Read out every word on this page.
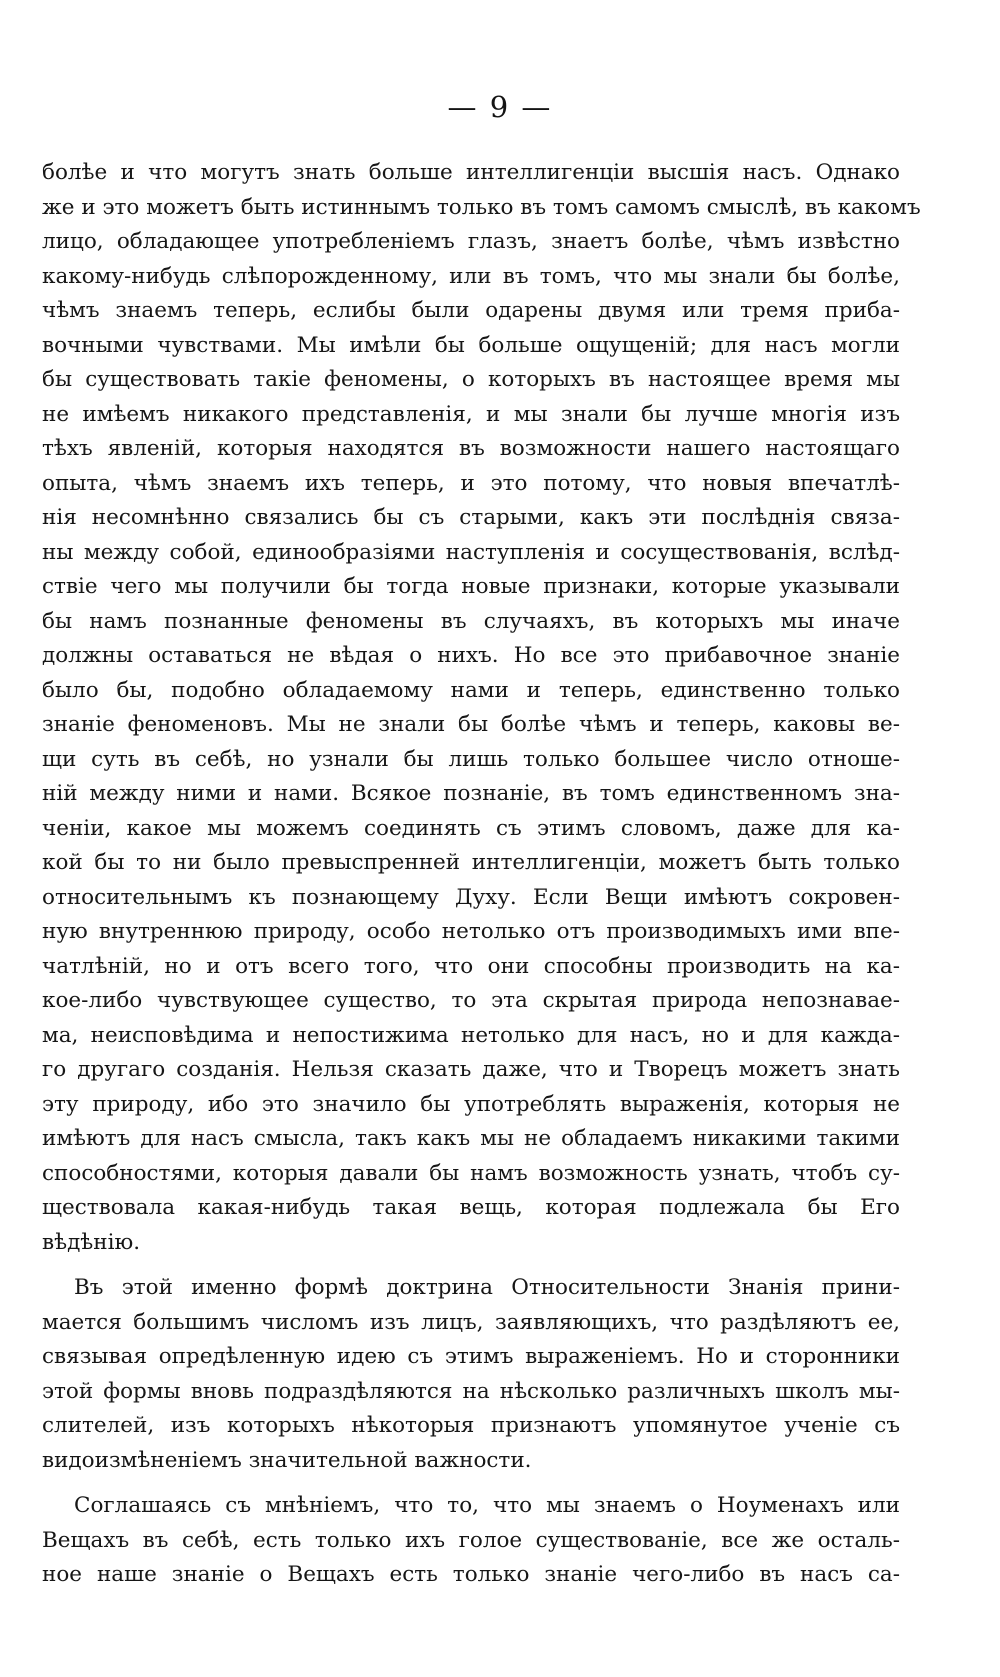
— 9 —
болѣе и что могутъ знать больше интеллигенціи высшія насъ. Однако
же и это можетъ быть истиннымъ только въ томъ самомъ смыслѣ, въ какомъ
лицо, обладающее употребленіемъ глазъ, знаетъ болѣе, чѣмъ извѣстно
какому-нибудь слѣпорожденному, или въ томъ, что мы знали бы болѣе,
чѣмъ знаемъ теперь, еслибы были одарены двумя или тремя приба-
вочными чувствами. Мы имѣли бы больше ощущеній; для насъ могли
бы существовать такіе феномены, о которыхъ въ настоящее время мы
не имѣемъ никакого представленія, и мы знали бы лучше многія изъ
тѣхъ явленій, которыя находятся въ возможности нашего настоящаго
опыта, чѣмъ знаемъ ихъ теперь, и это потому, что новыя впечатлѣ-
нія несомнѣнно связались бы съ старыми, какъ эти послѣднія связа-
ны между собой, единообразіями наступленія и сосуществованія, вслѣд-
ствіе чего мы получили бы тогда новые признаки, которые указывали
бы намъ познанные феномены въ случаяхъ, въ которыхъ мы иначе
должны оставаться не вѣдая о нихъ. Но все это прибавочное знаніе
было бы, подобно обладаемому нами и теперь, единственно только
знаніе феноменовъ. Мы не знали бы болѣе чѣмъ и теперь, каковы ве-
щи суть въ себѣ, но узнали бы лишь только большее число отноше-
ній между ними и нами. Всякое познаніе, въ томъ единственномъ зна-
ченіи, какое мы можемъ соединять съ этимъ словомъ, даже для ка-
кой бы то ни было превыспренней интеллигенціи, можетъ быть только
относительнымъ къ познающему Духу. Если Вещи имѣютъ сокровен-
ную внутреннюю природу, особо нетолько отъ производимыхъ ими впе-
чатлѣній, но и отъ всего того, что они способны производить на ка-
кое-либо чувствующее существо, то эта скрытая природа непознавае-
ма, неисповѣдима и непостижима нетолько для насъ, но и для кажда-
го другаго созданія. Нельзя сказать даже, что и Творецъ можетъ знать
эту природу, ибо это значило бы употреблять выраженія, которыя не
имѣютъ для насъ смысла, такъ какъ мы не обладаемъ никакими такими
способностями, которыя давали бы намъ возможность узнать, чтобъ су-
ществовала какая-нибудь такая вещь, которая подлежала бы Его
вѣдѣнію.
Въ этой именно формѣ доктрина Относительности Знанія прини-
мается большимъ числомъ изъ лицъ, заявляющихъ, что раздѣляютъ ее,
связывая опредѣленную идею съ этимъ выраженіемъ. Но и сторонники
этой формы вновь подраздѣляются на нѣсколько различныхъ школъ мы-
слителей, изъ которыхъ нѣкоторыя признаютъ упомянутое ученіе съ
видоизмѣненіемъ значительной важности.
Соглашаясь съ мнѣніемъ, что то, что мы знаемъ о Ноуменахъ или
Вещахъ въ себѣ, есть только ихъ голое существованіе, все же осталь-
ное наше знаніе о Вещахъ есть только знаніе чего-либо въ насъ са-
